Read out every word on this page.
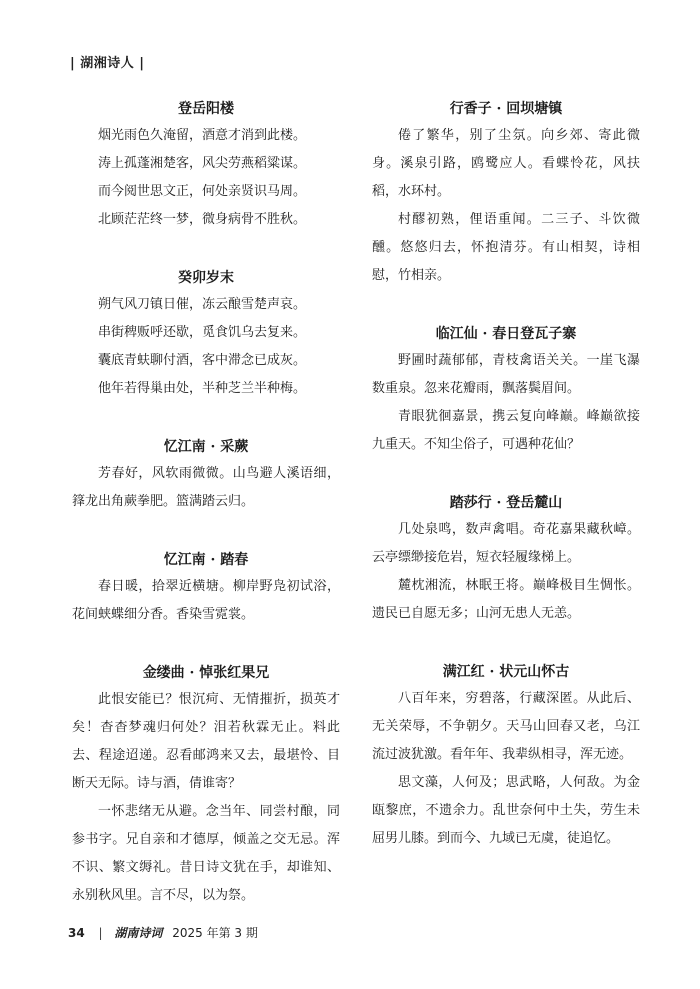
| 湖湘诗人 |
登岳阳楼

烟光雨色久淹留，酒意才消到此楼。

涛上孤蓬湘楚客，风尖劳燕稻粱谋。

而今阅世思文正，何处亲贤识马周。

北顾茫茫终一梦，微身病骨不胜秋。

癸卯岁末

朔气风刀镇日催，冻云酿雪楚声哀。

串街稗贩呼还歇，觅食饥乌去复来。

囊底青蚨聊付酒，客中滞念已成灰。

他年若得巢由处，半种芝兰半种梅。

忆江南 · 采蕨

芳春好，风软雨微微。山鸟避人溪语细，箨龙出角蕨拳肥。篮满踏云归。

忆江南 · 踏春

春日暖，拾翠近横塘。柳岸野凫初试浴，花间蛱蝶细分香。香染雪霓裳。

金缕曲 · 悼张红果兄

此恨安能已？恨沉疴、无情摧折，损英才矣！杳杳梦魂归何处？泪若秋霖无止。料此去、程途迢递。忍看邮鸿来又去，最堪怜、目断天无际。诗与酒，倩谁寄？

一怀悲绪无从避。念当年、同尝村酿，同参书字。兄自亲和才德厚，倾盖之交无忌。浑不识、繁文缛礼。昔日诗文犹在手，却谁知、永别秋风里。言不尽，以为祭。

行香子 · 回坝塘镇

倦了繁华，别了尘氛。向乡郊、寄此微身。溪泉引路，鸥鹭应人。看蝶怜花，风扶稻，水环村。

村醪初熟，俚语重闻。二三子、斗饮微醺。悠悠归去，怀抱清芬。有山相契，诗相慰，竹相亲。

临江仙 · 春日登瓦子寨

野圃时蔬郁郁，青枝禽语关关。一崖飞瀑数重泉。忽来花瓣雨，飘落鬓眉间。

青眼犹徊嘉景，携云复向峰巅。峰巅欲接九重天。不知尘俗子，可遇种花仙？

踏莎行 · 登岳麓山

几处泉鸣，数声禽唱。奇花嘉果藏秋嶂。云亭缥缈接危岩，短衣轻履缘梯上。

麓枕湘流，林眠王将。巅峰极目生惆怅。遗民已自愿无多；山河无患人无恙。

满江红 · 状元山怀古

八百年来，穷碧落，行藏深匿。从此后、无关荣辱，不争朝夕。天马山回春又老，乌江流过波犹激。看年年、我辈纵相寻，浑无迹。

思文藻，人何及；思武略，人何敌。为金瓯黎庶，不遗余力。乱世奈何中土失，劳生未屈男儿膝。到而今、九域已无虞，徒追忆。

34 | 湖南诗词 2025 年第 3 期
